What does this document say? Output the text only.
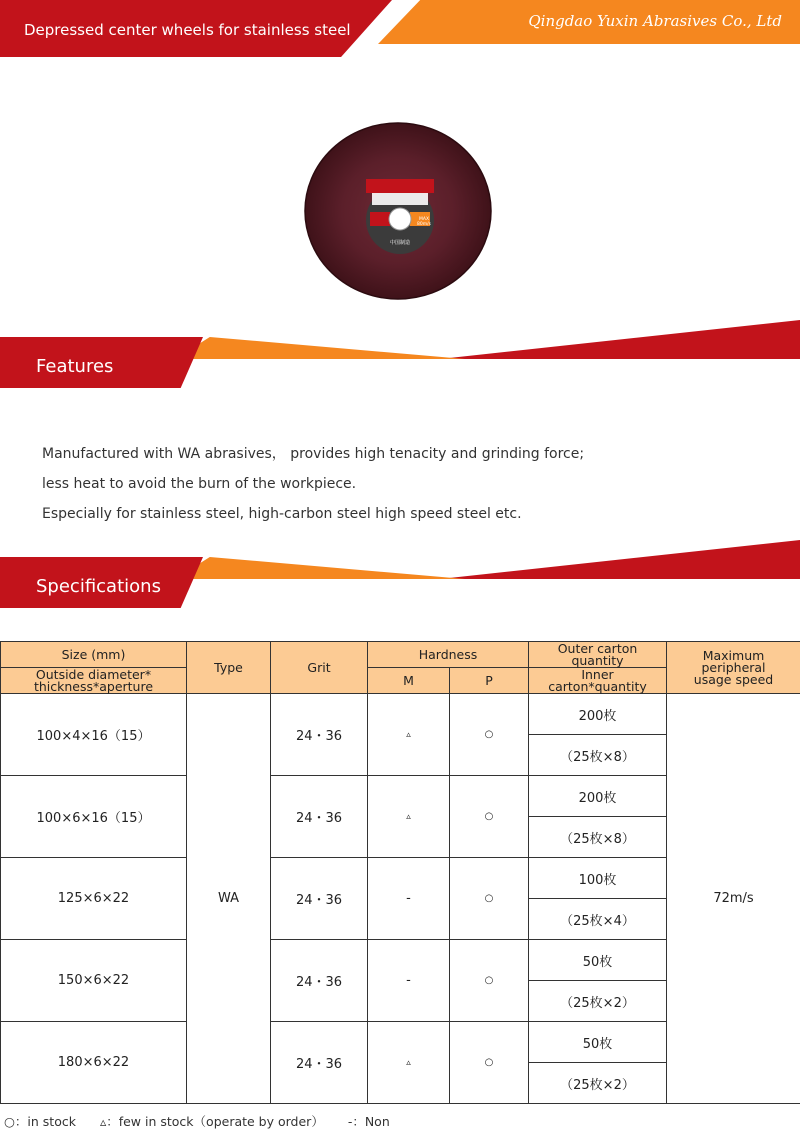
Depressed center wheels for stainless steel	Qingdao Yuxin Abrasives Co., Ltd
MAX
80m/s
中国制造
Features

Manufactured with WA abrasives， provides high tenacity and grinding force;

less heat to avoid the burn of the workpiece.

Especially for stainless steel, high-carbon steel high speed steel etc.

Specifications
Size (mm)	Type	Grit	Hardness		Outer carton quantity	Maximum peripheral
usage speed
Outside diameter*
thickness*aperture			M	P	Inner carton*quantity	
100×4×16（15）	WA	24・36	▵	○	200枚	72m/s
					（25枚×8）	
100×6×16（15）		24・36	▵	○	200枚	
					（25枚×8）	
125×6×22		24・36	-	○	100枚	
					（25枚×4）	
150×6×22		24・36	-	○	50枚	
					（25枚×2）	
180×6×22		24・36	▵	○	50枚	
					（25枚×2）	
○：in stock ▵：few in stock（operate by order） -：Non
